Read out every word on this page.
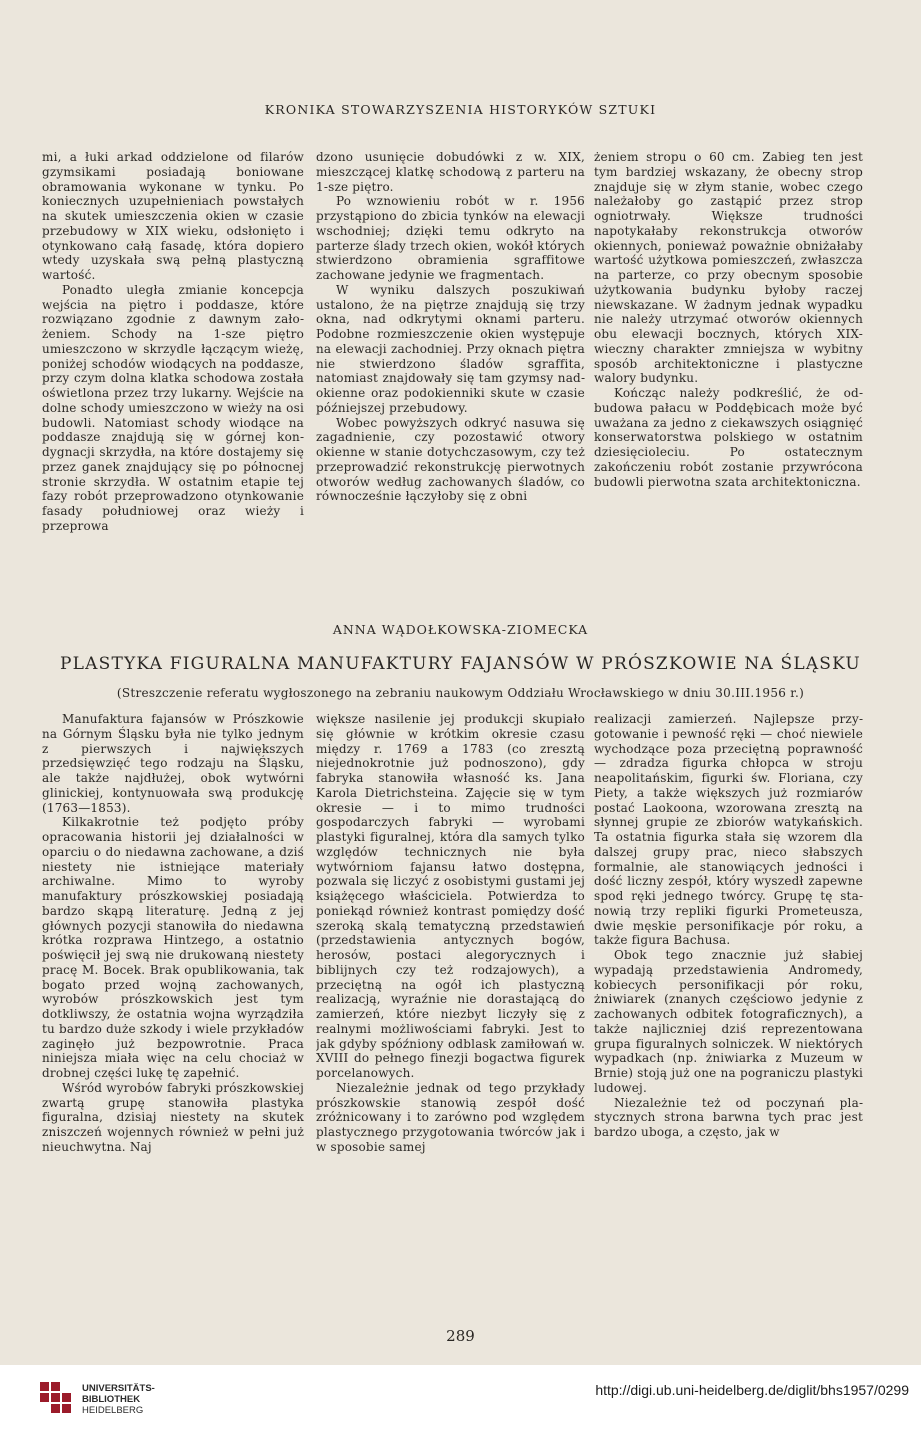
KRONIKA STOWARZYSZENIA HISTORYKÓW SZTUKI

mi, a łuki arkad oddzielone od filarów gzymsikami posiadają boniowane obramowania wykonane w tynku. Po koniecznych uzupełnieniach powstałych na skutek umieszczenia okien w czasie przebudowy w XIX wieku, odsłonięto i otynkowano całą fasadę, która dopiero wtedy uzyskała swą pełną plastyczną wartość.

Ponadto uległa zmianie koncepcja wejścia na piętro i poddasze, które rozwiązano zgodnie z dawnym założeniem. Schody na 1-sze piętro umieszczono w skrzydle łączącym wieżę, poniżej schodów wiodących na poddasze, przy czym dolna klatka schodowa została oświetlona przez trzy lukarny. Wejście na dolne schody umieszczono w wieży na osi budowli. Natomiast schody wiodące na poddasze znajdują się w górnej kondygnacji skrzydła, na które dostajemy się przez ganek znajdujący się po północnej stronie skrzydła. W ostatnim etapie tej fazy robót przeprowadzono otynkowanie fasady południowej oraz wieży i przeprowa

dzono usunięcie dobudówki z w. XIX, mieszczącej klatkę schodową z parteru na 1-sze piętro.

Po wznowieniu robót w r. 1956 przystąpiono do zbicia tynków na elewacji wschodniej; dzięki temu odkryto na parterze ślady trzech okien, wokół których stwierdzono obramienia sgraffitowe zachowane jedynie we fragmentach.

W wyniku dalszych poszukiwań ustalono, że na piętrze znajdują się trzy okna, nad odkrytymi oknami parteru. Podobne rozmieszczenie okien występuje na elewacji zachodniej. Przy oknach piętra nie stwierdzono śladów sgraffita, natomiast znajdowały się tam gzymsy nadokienne oraz podokienniki skute w czasie późniejszej przebudowy.

Wobec powyższych odkryć nasuwa się zagadnienie, czy pozostawić otwory okienne w stanie dotychczasowym, czy też przeprowadzić rekonstrukcję pierwotnych otworów według zachowanych śladów, co równocześnie łączyłoby się z obni

żeniem stropu o 60 cm. Zabieg ten jest tym bardziej wskazany, że obecny strop znajduje się w złym stanie, wobec czego należałoby go zastąpić przez strop ogniotrwały. Większe trudności napotykałaby rekonstrukcja otworów okiennych, ponieważ poważnie obniżałaby wartość użytkowa pomieszczeń, zwłaszcza na parterze, co przy obecnym sposobie użytkowania budynku byłoby raczej niewskazane. W żadnym jednak wypadku nie należy utrzymać otworów okiennych obu elewacji bocznych, których XIX-wieczny charakter zmniejsza w wybitny sposób architektoniczne i plastyczne walory budynku.

Kończąc należy podkreślić, że odbudowa pałacu w Poddębicach może być uważana za jedno z ciekawszych osiągnięć konserwatorstwa polskiego w ostatnim dziesięcioleciu. Po ostatecznym zakończeniu robót zostanie przywrócona budowli pierwotna szata architektoniczna.

ANNA WĄDOŁKOWSKA-ZIOMECKA
PLASTYKA FIGURALNA MANUFAKTURY FAJANSÓW W PRÓSZKOWIE NA ŚLĄSKU
(Streszczenie referatu wygłoszonego na zebraniu naukowym Oddziału Wrocławskiego w dniu 30.III.1956 r.)

Manufaktura fajansów w Prószkowie na Górnym Śląsku była nie tylko jednym z pierwszych i największych przedsięwzięć tego rodzaju na Śląsku, ale także najdłużej, obok wytwórni glinickiej, kontynuowała swą produkcję (1763—1853).

Kilkakrotnie też podjęto próby opracowania historii jej działalności w oparciu o do niedawna zachowane, a dziś niestety nie istniejące materiały archiwalne. Mimo to wyroby manufaktury prószkowskiej posiadają bardzo skąpą literaturę. Jedną z jej głównych pozycji stanowiła do niedawna krótka rozprawa Hintzego, a ostatnio poświęcił jej swą nie drukowaną niestety pracę M. Bocek. Brak opublikowania, tak bogato przed wojną zachowanych, wyrobów prószkowskich jest tym dotkliwszy, że ostatnia wojna wyrządziła tu bardzo duże szkody i wiele przykładów zaginęło już bezpowrotnie. Praca niniejsza miała więc na celu chociaż w drobnej części lukę tę zapełnić.

Wśród wyrobów fabryki prószkowskiej zwartą grupę stanowiła plastyka figuralna, dzisiaj niestety na skutek zniszczeń wojennych również w pełni już nieuchwytna. Naj

większe nasilenie jej produkcji skupiało się głównie w krótkim okresie czasu między r. 1769 a 1783 (co zresztą niejednokrotnie już podnoszono), gdy fabryka stanowiła własność ks. Jana Karola Dietrichsteina. Zajęcie się w tym okresie — i to mimo trudności gospodarczych fabryki — wyrobami plastyki figuralnej, która dla samych tylko względów technicznych nie była wytwórniom fajansu łatwo dostępna, pozwala się liczyć z osobistymi gustami jej książęcego właściciela. Potwierdza to poniekąd również kontrast pomiędzy dość szeroką skalą tematyczną przedstawień (przedstawienia antycznych bogów, herosów, postaci alegorycznych i biblijnych czy też rodzajowych), a przeciętną na ogół ich plastyczną realizacją, wyraźnie nie dorastającą do zamierzeń, które niezbyt liczyły się z realnymi możliwościami fabryki. Jest to jak gdyby spóźniony odblask zamiłowań w. XVIII do pełnego finezji bogactwa figurek porcelanowych.

Niezależnie jednak od tego przykłady prószkowskie stanowią zespół dość zróżnicowany i to zarówno pod względem plastycznego przygotowania twórców jak i w sposobie samej

realizacji zamierzeń. Najlepsze przygotowanie i pewność ręki — choć niewiele wychodzące poza przeciętną poprawność — zdradza figurka chłopca w stroju neapolitańskim, figurki św. Floriana, czy Piety, a także większych już rozmiarów postać Laokoona, wzorowana zresztą na słynnej grupie ze zbiorów watykańskich. Ta ostatnia figurka stała się wzorem dla dalszej grupy prac, nieco słabszych formalnie, ale stanowiących jedności i dość liczny zespół, który wyszedł zapewne spod ręki jednego twórcy. Grupę tę stanowią trzy repliki figurki Prometeusza, dwie męskie personifikacje pór roku, a także figura Bachusa.

Obok tego znacznie już słabiej wypadają przedstawienia Andromedy, kobiecych personifikacji pór roku, żniwiarek (znanych częściowo jedynie z zachowanych odbitek fotograficznych), a także najliczniej dziś reprezentowana grupa figuralnych solniczek. W niektórych wypadkach (np. żniwiarka z Muzeum w Brnie) stoją już one na pograniczu plastyki ludowej.

Niezależnie też od poczynań plastycznych strona barwna tych prac jest bardzo uboga, a często, jak w

289
UNIVERSITÄTS-
BIBLIOTHEK
HEIDELBERG
http://digi.ub.uni-heidelberg.de/diglit/bhs1957/0299
